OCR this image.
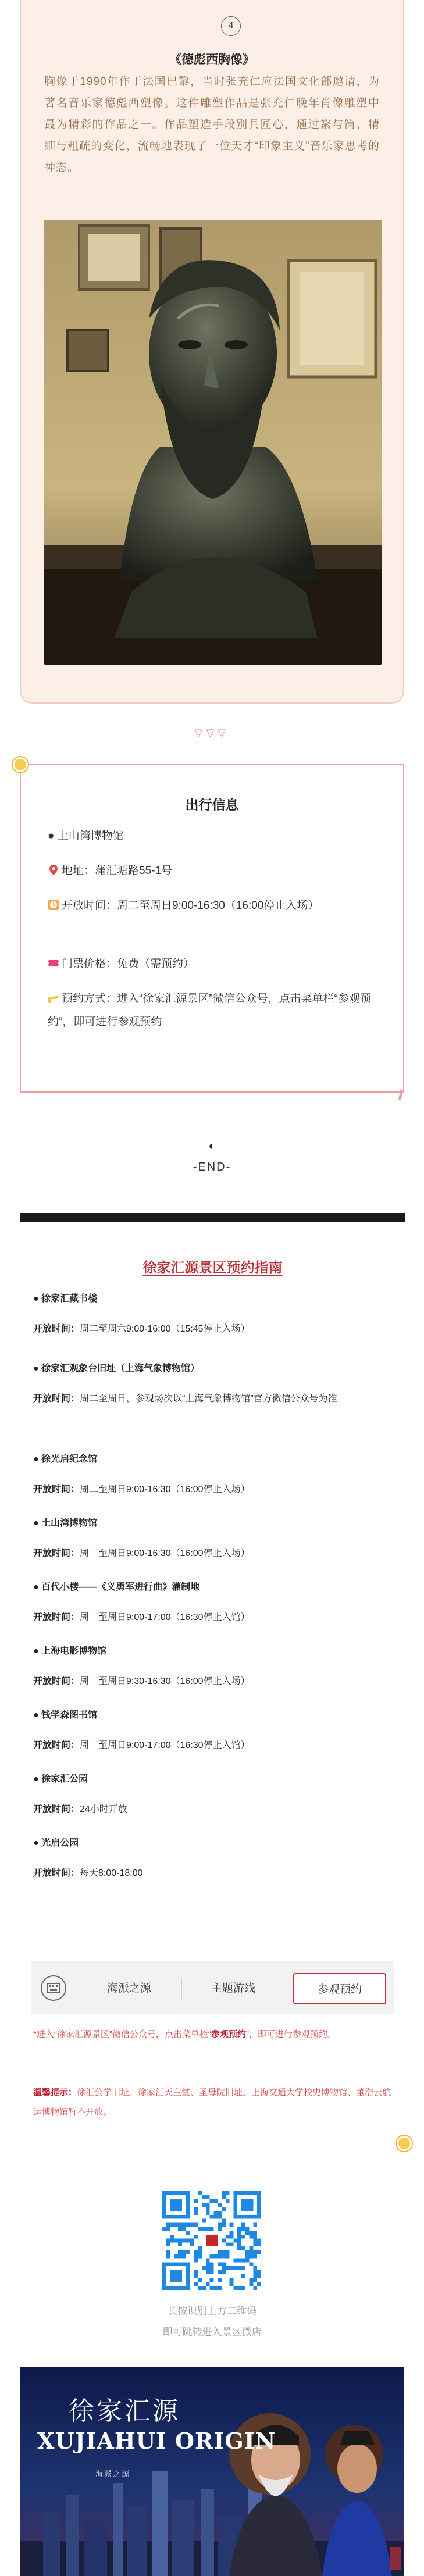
4
《德彪西胸像》
胸像于1990年作于法国巴黎，当时张充仁应法国文化部邀请，为著名音乐家德彪西塑像。这件雕塑作品是张充仁晚年肖像雕塑中最为精彩的作品之一。作品塑造手段别具匠心，通过繁与简、精细与粗疏的变化，流畅地表现了一位天才“印象主义”音乐家思考的神态。
▽▽▽
出行信息
● 土山湾博物馆
地址：蒲汇塘路55-1号
开放时间：周二至周日9:00-16:30（16:00停止入场）
门票价格：免费（需预约）
预约方式：进入“徐家汇源景区”微信公众号，点击菜单栏“参观预约”，即可进行参观预约
//
◐
-END-
徐家汇源景区预约指南
● 徐家汇藏书楼
开放时间：周二至周六9:00-16:00（15:45停止入场）
● 徐家汇观象台旧址（上海气象博物馆）
开放时间：周二至周日，参观场次以“上海气象博物馆”官方微信公众号为准
● 徐光启纪念馆
开放时间：周二至周日9:00-16:30（16:00停止入场）
● 土山湾博物馆
开放时间：周二至周日9:00-16:30（16:00停止入场）
● 百代小楼——《义勇军进行曲》灌制地
开放时间：周二至周日9:00-17:00（16:30停止入馆）
● 上海电影博物馆
开放时间：周二至周日9:30-16:30（16:00停止入场）
● 钱学森图书馆
开放时间：周二至周日9:00-17:00（16:30停止入馆）
● 徐家汇公园
开放时间：24小时开放
● 光启公园
开放时间：每天8:00-18:00
海派之源	主题游线	参观预约
*进入“徐家汇源景区”微信公众号，点击菜单栏“参观预约”，即可进行参观预约。
温馨提示：徐汇公学旧址、徐家汇天主堂、圣母院旧址、上海交通大学校史博物馆、董浩云航运博物馆暂不开放。
长按识别上方二维码
即可跳转进入景区微店
徐家汇源
XUJIAHUI ORIGIN
海派之源
